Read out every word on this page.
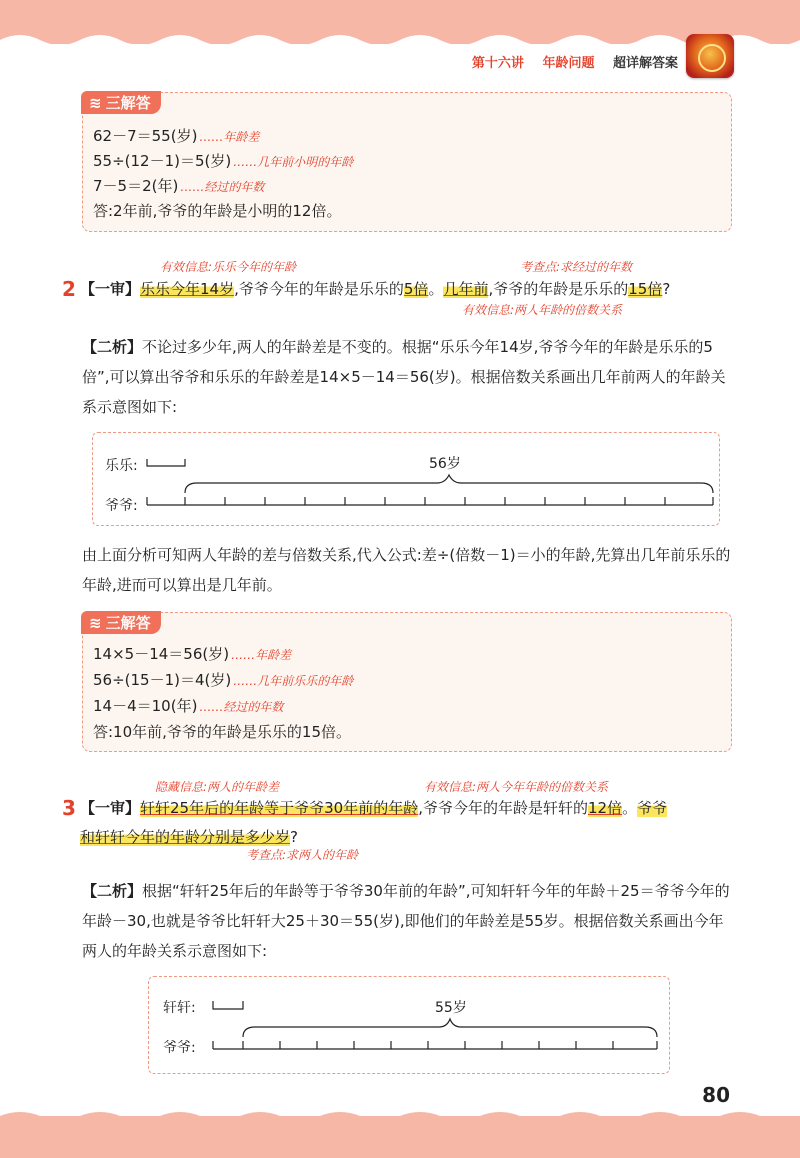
第十六讲 年龄问题 超详解答案
≋ 三解答
62－7＝55(岁) ……年龄差
55÷(12－1)＝5(岁) ……几年前小明的年龄
7－5＝2(年) ……经过的年数
答:2年前,爷爷的年龄是小明的12倍。
有效信息:乐乐今年的年龄	考查点:求经过的年数
2 【一审】乐乐今年14岁,爷爷今年的年龄是乐乐的5倍。几年前,爷爷的年龄是乐乐的15倍?
有效信息:两人年龄的倍数关系
【二析】不论过多少年,两人的年龄差是不变的。根据“乐乐今年14岁,爷爷今年的年龄是乐乐的5倍”,可以算出爷爷和乐乐的年龄差是14×5－14＝56(岁)。根据倍数关系画出几年前两人的年龄关系示意图如下:
乐乐:
爷爷:
56岁
由上面分析可知两人年龄的差与倍数关系,代入公式:差÷(倍数－1)＝小的年龄,先算出几年前乐乐的年龄,进而可以算出是几年前。
≋ 三解答
14×5－14＝56(岁) ……年龄差
56÷(15－1)＝4(岁) ……几年前乐乐的年龄
14－4＝10(年) ……经过的年数
答:10年前,爷爷的年龄是乐乐的15倍。
隐藏信息:两人的年龄差	有效信息:两人今年年龄的倍数关系
3 【一审】轩轩25年后的年龄等于爷爷30年前的年龄,爷爷今年的年龄是轩轩的12倍。爷爷
和轩轩今年的年龄分别是多少岁?
考查点:求两人的年龄
【二析】根据“轩轩25年后的年龄等于爷爷30年前的年龄”,可知轩轩今年的年龄＋25＝爷爷今年的年龄－30,也就是爷爷比轩轩大25＋30＝55(岁),即他们的年龄差是55岁。根据倍数关系画出今年两人的年龄关系示意图如下:
轩轩:
爷爷:
55岁
80
